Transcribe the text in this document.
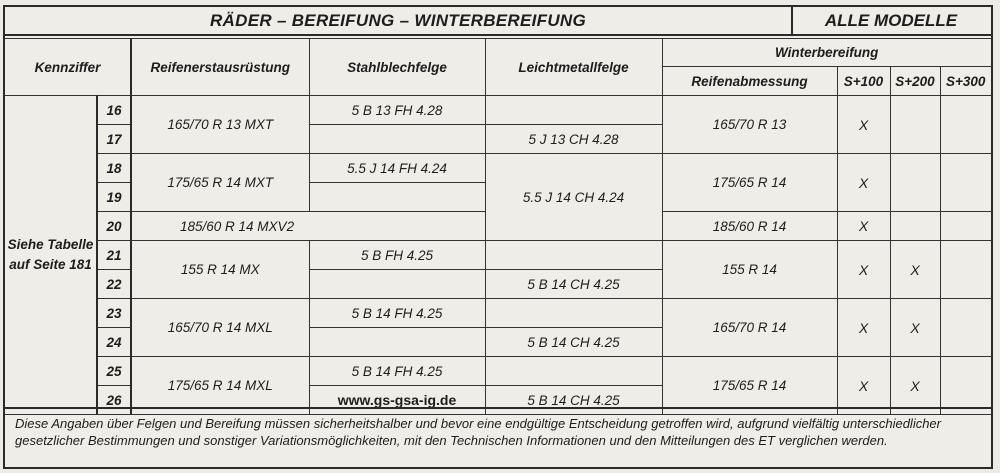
RÄDER – BEREIFUNG – WINTERBEREIFUNG	ALLE MODELLE
Kennziffer		Reifenerstausrüstung	Stahlblechfelge	Leichtmetallfelge	Winterbereifung			
					Reifenabmessung	S+100	S+200	S+300
Siehe Tabelle auf Seite 181	16	165/70 R 13 MXT	5 B 13 FH 4.28		165/70 R 13	X		
	17			5 J 13 CH 4.28				
	18	175/65 R 14 MXT	5.5 J 14 FH 4.24	5.5 J 14 CH 4.24	175/65 R 14	X		
	19							
	20	185/60 R 14 MXV2			185/60 R 14	X		
	21	155 R 14 MX	5 B FH 4.25		155 R 14	X	X	
	22			5 B 14 CH 4.25				
	23	165/70 R 14 MXL	5 B 14 FH 4.25		165/70 R 14	X	X	
	24			5 B 14 CH 4.25				
	25	175/65 R 14 MXL	5 B 14 FH 4.25		175/65 R 14	X	X	
	26		www.gs-gsa-ig.de	5 B 14 CH 4.25				
Diese Angaben über Felgen und Bereifung müssen sicherheitshalber und bevor eine endgültige Entscheidung getroffen wird, aufgrund vielfältig unterschiedlicher gesetzlicher Bestimmungen und sonstiger Variationsmöglichkeiten, mit den Technischen Informationen und den Mitteilungen des ET verglichen werden.
